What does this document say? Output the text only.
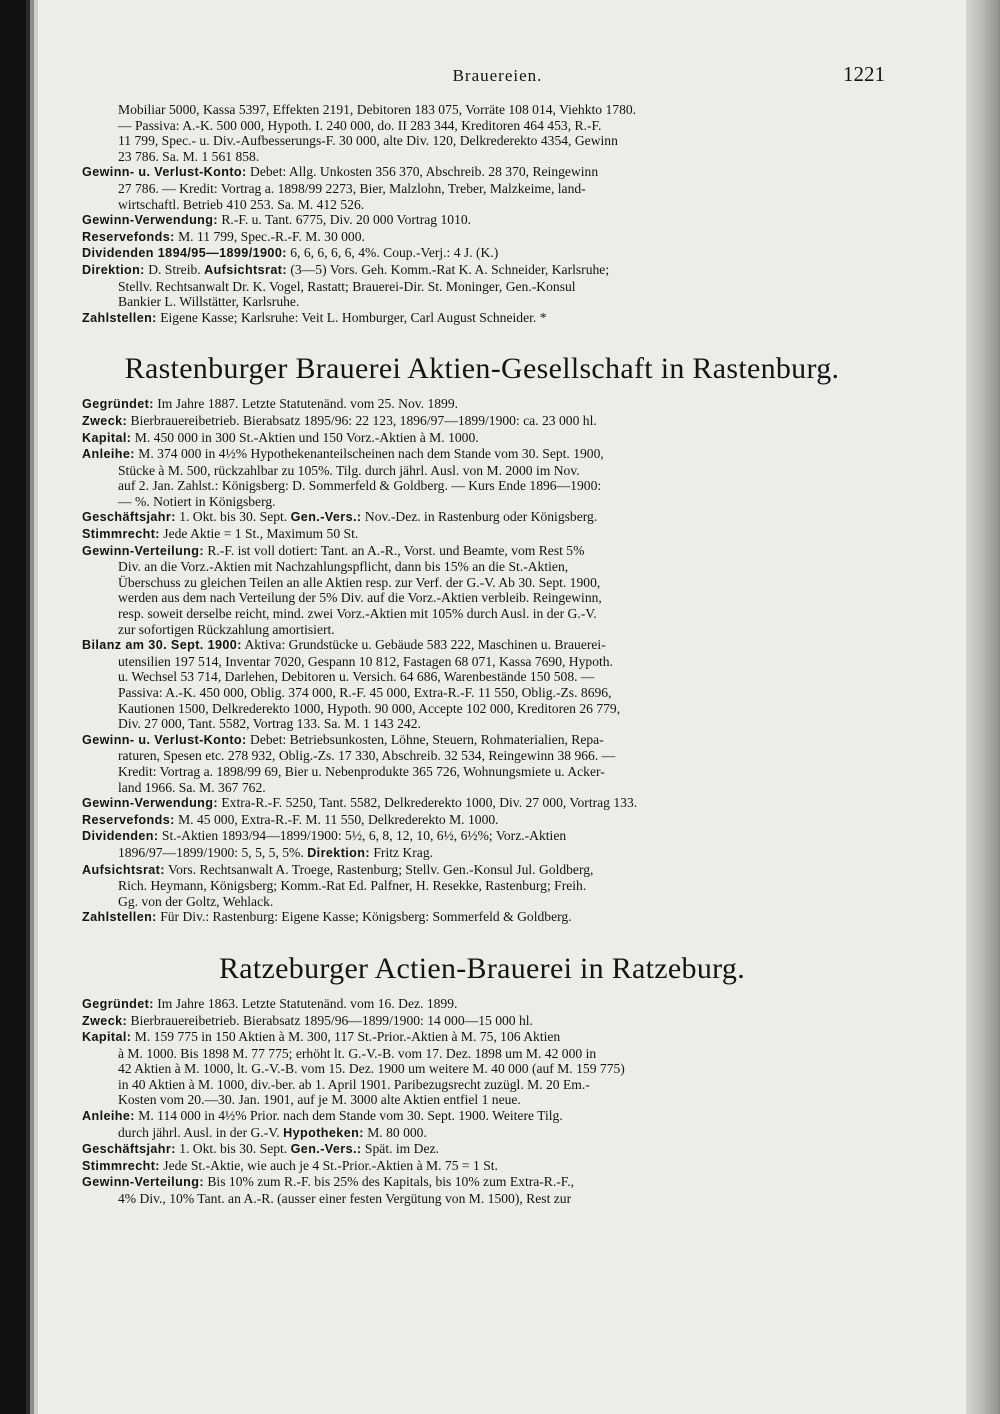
Brauereien.	1221

Mobiliar 5000, Kassa 5397, Effekten 2191, Debitoren 183 075, Vorräte 108 014, Viehkto 1780.
— Passiva: A.-K. 500 000, Hypoth. I. 240 000, do. II 283 344, Kreditoren 464 453, R.-F.
11 799, Spec.- u. Div.-Aufbesserungs-F. 30 000, alte Div. 120, Delkrederekto 4354, Gewinn
23 786. Sa. M. 1 561 858.

Gewinn- u. Verlust-Konto: Debet: Allg. Unkosten 356 370, Abschreib. 28 370, Reingewinn
27 786. — Kredit: Vortrag a. 1898/99 2273, Bier, Malzlohn, Treber, Malzkeime, land-
wirtschaftl. Betrieb 410 253. Sa. M. 412 526.

Gewinn-Verwendung: R.-F. u. Tant. 6775, Div. 20 000 Vortrag 1010.

Reservefonds: M. 11 799, Spec.-R.-F. M. 30 000.

Dividenden 1894/95—1899/1900: 6, 6, 6, 6, 6, 4%. Coup.-Verj.: 4 J. (K.)

Direktion: D. Streib. Aufsichtsrat: (3—5) Vors. Geh. Komm.-Rat K. A. Schneider, Karlsruhe;
Stellv. Rechtsanwalt Dr. K. Vogel, Rastatt; Brauerei-Dir. St. Moninger, Gen.-Konsul
Bankier L. Willstätter, Karlsruhe.

Zahlstellen: Eigene Kasse; Karlsruhe: Veit L. Homburger, Carl August Schneider. *

Rastenburger Brauerei Aktien-Gesellschaft in Rastenburg.

Gegründet: Im Jahre 1887. Letzte Statutenänd. vom 25. Nov. 1899.

Zweck: Bierbrauereibetrieb. Bierabsatz 1895/96: 22 123, 1896/97—1899/1900: ca. 23 000 hl.

Kapital: M. 450 000 in 300 St.-Aktien und 150 Vorz.-Aktien à M. 1000.

Anleihe: M. 374 000 in 4½% Hypothekenanteilscheinen nach dem Stande vom 30. Sept. 1900,
Stücke à M. 500, rückzahlbar zu 105%. Tilg. durch jährl. Ausl. von M. 2000 im Nov.
auf 2. Jan. Zahlst.: Königsberg: D. Sommerfeld & Goldberg. — Kurs Ende 1896—1900:
— %. Notiert in Königsberg.

Geschäftsjahr: 1. Okt. bis 30. Sept. Gen.-Vers.: Nov.-Dez. in Rastenburg oder Königsberg.

Stimmrecht: Jede Aktie = 1 St., Maximum 50 St.

Gewinn-Verteilung: R.-F. ist voll dotiert: Tant. an A.-R., Vorst. und Beamte, vom Rest 5%
Div. an die Vorz.-Aktien mit Nachzahlungspflicht, dann bis 15% an die St.-Aktien,
Überschuss zu gleichen Teilen an alle Aktien resp. zur Verf. der G.-V. Ab 30. Sept. 1900,
werden aus dem nach Verteilung der 5% Div. auf die Vorz.-Aktien verbleib. Reingewinn,
resp. soweit derselbe reicht, mind. zwei Vorz.-Aktien mit 105% durch Ausl. in der G.-V.
zur sofortigen Rückzahlung amortisiert.

Bilanz am 30. Sept. 1900: Aktiva: Grundstücke u. Gebäude 583 222, Maschinen u. Brauerei-
utensilien 197 514, Inventar 7020, Gespann 10 812, Fastagen 68 071, Kassa 7690, Hypoth.
u. Wechsel 53 714, Darlehen, Debitoren u. Versich. 64 686, Warenbestände 150 508. —
Passiva: A.-K. 450 000, Oblig. 374 000, R.-F. 45 000, Extra-R.-F. 11 550, Oblig.-Zs. 8696,
Kautionen 1500, Delkrederekto 1000, Hypoth. 90 000, Accepte 102 000, Kreditoren 26 779,
Div. 27 000, Tant. 5582, Vortrag 133. Sa. M. 1 143 242.

Gewinn- u. Verlust-Konto: Debet: Betriebsunkosten, Löhne, Steuern, Rohmaterialien, Repa-
raturen, Spesen etc. 278 932, Oblig.-Zs. 17 330, Abschreib. 32 534, Reingewinn 38 966. —
Kredit: Vortrag a. 1898/99 69, Bier u. Nebenprodukte 365 726, Wohnungsmiete u. Acker-
land 1966. Sa. M. 367 762.

Gewinn-Verwendung: Extra-R.-F. 5250, Tant. 5582, Delkrederekto 1000, Div. 27 000, Vortrag 133.

Reservefonds: M. 45 000, Extra-R.-F. M. 11 550, Delkrederekto M. 1000.

Dividenden: St.-Aktien 1893/94—1899/1900: 5½, 6, 8, 12, 10, 6½, 6½%; Vorz.-Aktien
1896/97—1899/1900: 5, 5, 5, 5%. Direktion: Fritz Krag.

Aufsichtsrat: Vors. Rechtsanwalt A. Troege, Rastenburg; Stellv. Gen.-Konsul Jul. Goldberg,
Rich. Heymann, Königsberg; Komm.-Rat Ed. Palfner, H. Resekke, Rastenburg; Freih.
Gg. von der Goltz, Wehlack.

Zahlstellen: Für Div.: Rastenburg: Eigene Kasse; Königsberg: Sommerfeld & Goldberg.

Ratzeburger Actien-Brauerei in Ratzeburg.

Gegründet: Im Jahre 1863. Letzte Statutenänd. vom 16. Dez. 1899.

Zweck: Bierbrauereibetrieb. Bierabsatz 1895/96—1899/1900: 14 000—15 000 hl.

Kapital: M. 159 775 in 150 Aktien à M. 300, 117 St.-Prior.-Aktien à M. 75, 106 Aktien
à M. 1000. Bis 1898 M. 77 775; erhöht lt. G.-V.-B. vom 17. Dez. 1898 um M. 42 000 in
42 Aktien à M. 1000, lt. G.-V.-B. vom 15. Dez. 1900 um weitere M. 40 000 (auf M. 159 775)
in 40 Aktien à M. 1000, div.-ber. ab 1. April 1901. Paribezugsrecht zuzügl. M. 20 Em.-
Kosten vom 20.—30. Jan. 1901, auf je M. 3000 alte Aktien entfiel 1 neue.

Anleihe: M. 114 000 in 4½% Prior. nach dem Stande vom 30. Sept. 1900. Weitere Tilg.
durch jährl. Ausl. in der G.-V. Hypotheken: M. 80 000.

Geschäftsjahr: 1. Okt. bis 30. Sept. Gen.-Vers.: Spät. im Dez.

Stimmrecht: Jede St.-Aktie, wie auch je 4 St.-Prior.-Aktien à M. 75 = 1 St.

Gewinn-Verteilung: Bis 10% zum R.-F. bis 25% des Kapitals, bis 10% zum Extra-R.-F.,
4% Div., 10% Tant. an A.-R. (ausser einer festen Vergütung von M. 1500), Rest zur
